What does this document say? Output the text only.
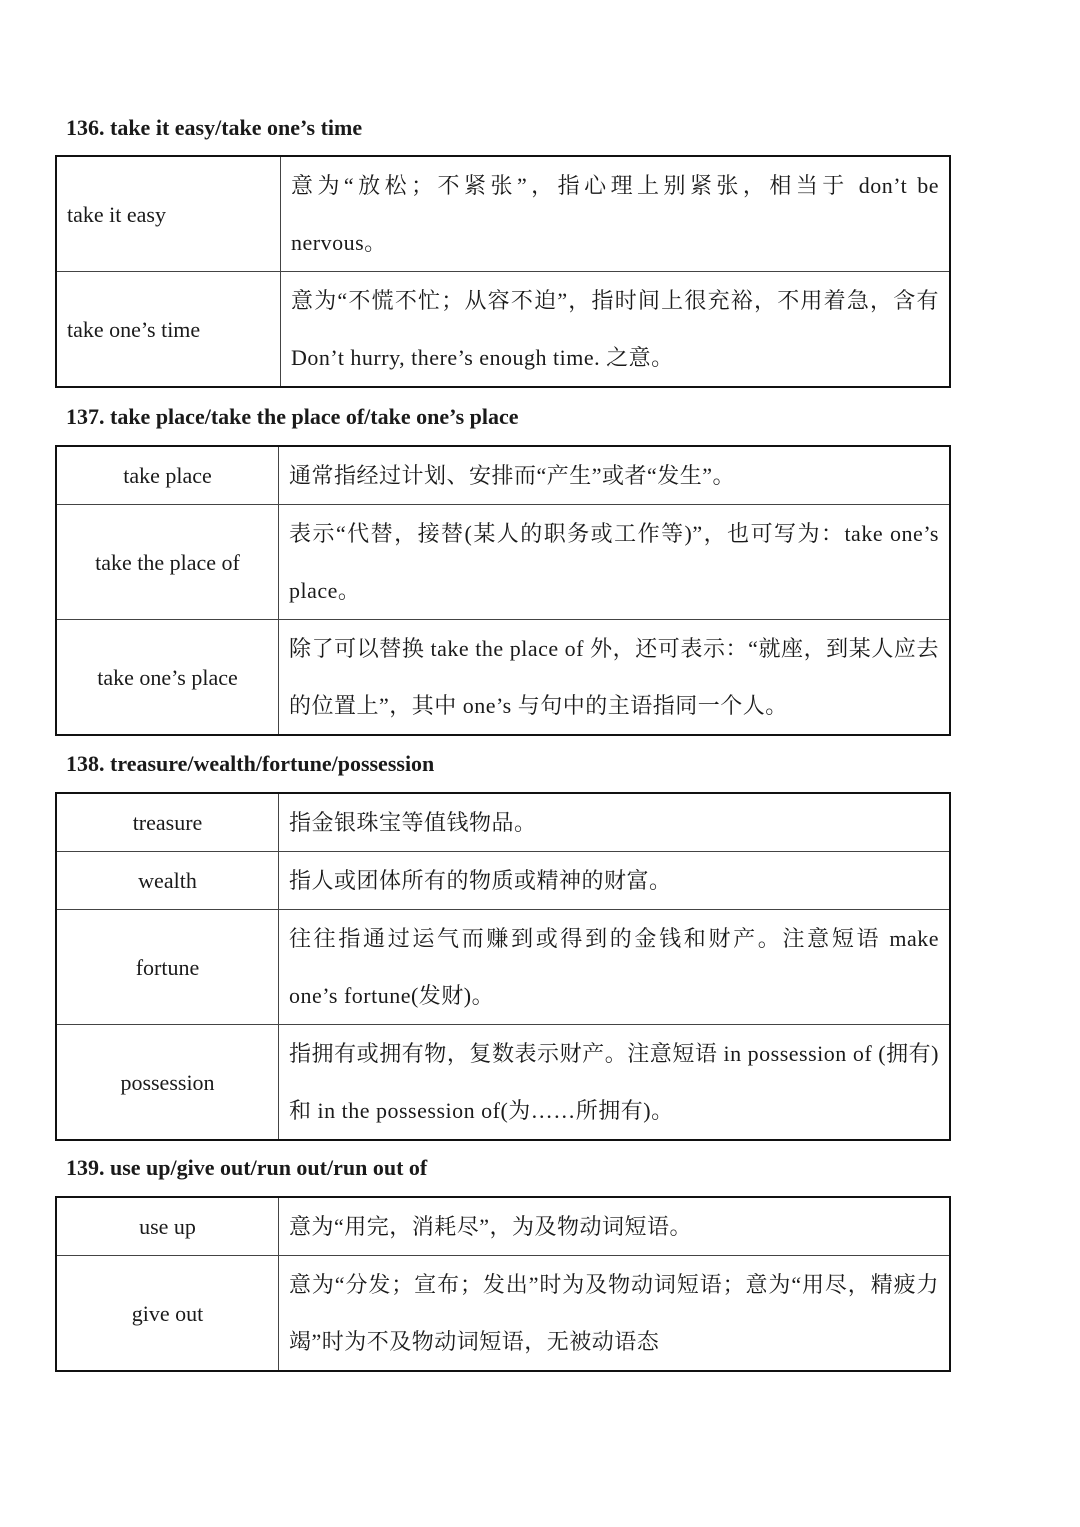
136. take it easy/take one’s time
take it easy	意为“放松；不紧张”，指心理上别紧张，相当于 don’t be nervous。
take one’s time	意为“不慌不忙；从容不迫”，指时间上很充裕，不用着急，含有 Don’t hurry, there’s enough time. 之意。
137. take place/take the place of/take one’s place
take place	通常指经过计划、安排而“产生”或者“发生”。
take the place of	表示“代替，接替(某人的职务或工作等)”，也可写为：take one’s place。
take one’s place	除了可以替换 take the place of 外，还可表示：“就座，到某人应去的位置上”，其中 one’s 与句中的主语指同一个人。
138. treasure/wealth/fortune/possession
treasure	指金银珠宝等值钱物品。
wealth	指人或团体所有的物质或精神的财富。
fortune	往往指通过运气而赚到或得到的金钱和财产。注意短语 make one’s fortune(发财)。
possession	指拥有或拥有物，复数表示财产。注意短语 in possession of (拥有)和 in the possession of(为……所拥有)。
139. use up/give out/run out/run out of
use up	意为“用完，消耗尽”，为及物动词短语。
give out	意为“分发；宣布；发出”时为及物动词短语；意为“用尽，精疲力竭”时为不及物动词短语，无被动语态
